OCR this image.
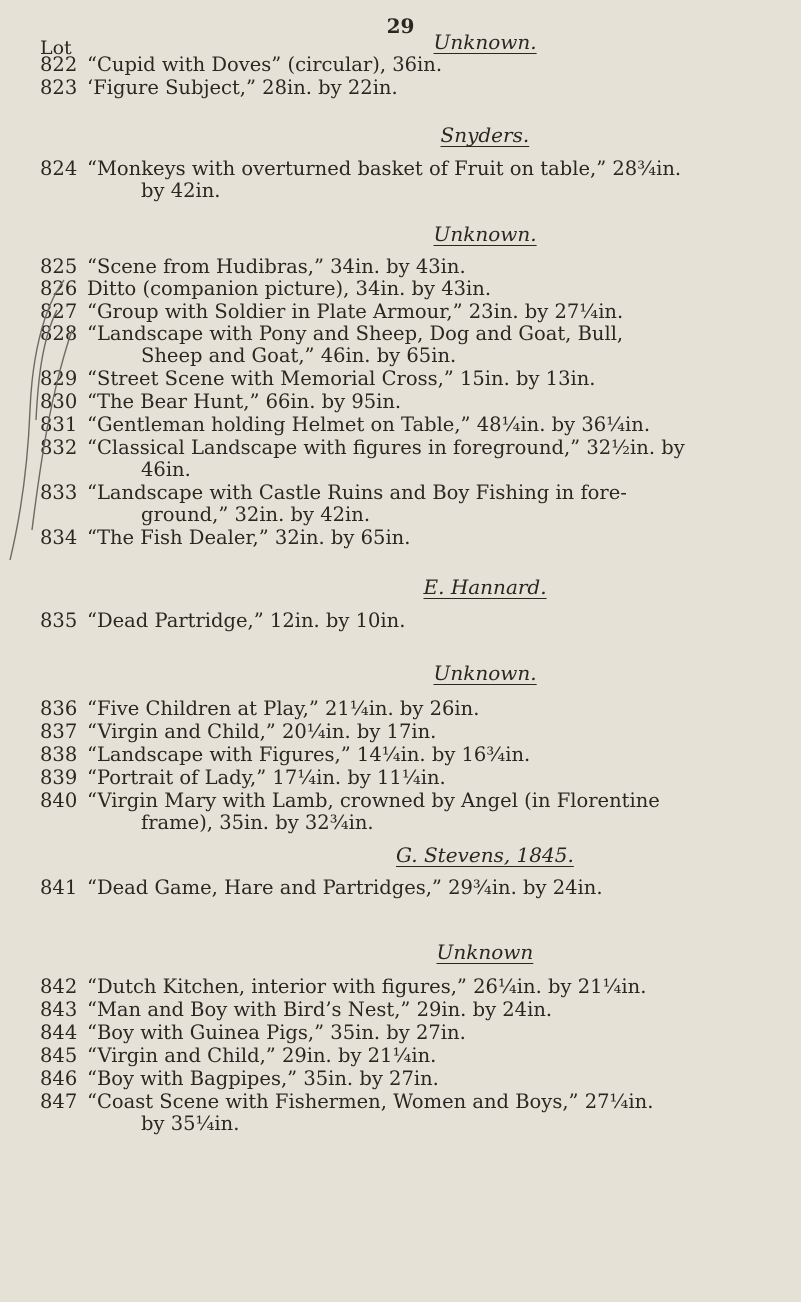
29
Lot	Unknown.
822 “Cupid with Doves” (circular), 36in.
823 ‘Figure Subject,” 28in. by 22in.
Snyders.
824 “Monkeys with overturned basket of Fruit on table,” 28¾in.
by 42in.
Unknown.
825 “Scene from Hudibras,” 34in. by 43in.
826 Ditto (companion picture), 34in. by 43in.
827 “Group with Soldier in Plate Armour,” 23in. by 27¼in.
828 “Landscape with Pony and Sheep, Dog and Goat, Bull,
Sheep and Goat,” 46in. by 65in.
829 “Street Scene with Memorial Cross,” 15in. by 13in.
830 “The Bear Hunt,” 66in. by 95in.
831 “Gentleman holding Helmet on Table,” 48¼in. by 36¼in.
832 “Classical Landscape with figures in foreground,” 32½in. by
46in.
833 “Landscape with Castle Ruins and Boy Fishing in fore-
ground,” 32in. by 42in.
834 “The Fish Dealer,” 32in. by 65in.
E. Hannard.
835 “Dead Partridge,” 12in. by 10in.
Unknown.
836 “Five Children at Play,” 21¼in. by 26in.
837 “Virgin and Child,” 20¼in. by 17in.
838 “Landscape with Figures,” 14¼in. by 16¾in.
839 “Portrait of Lady,” 17¼in. by 11¼in.
840 “Virgin Mary with Lamb, crowned by Angel (in Florentine
frame), 35in. by 32¾in.
G. Stevens, 1845.
841 “Dead Game, Hare and Partridges,” 29¾in. by 24in.
Unknown
842 “Dutch Kitchen, interior with figures,” 26¼in. by 21¼in.
843 “Man and Boy with Bird’s Nest,” 29in. by 24in.
844 “Boy with Guinea Pigs,” 35in. by 27in.
845 “Virgin and Child,” 29in. by 21¼in.
846 “Boy with Bagpipes,” 35in. by 27in.
847 “Coast Scene with Fishermen, Women and Boys,” 27¼in.
by 35¼in.
